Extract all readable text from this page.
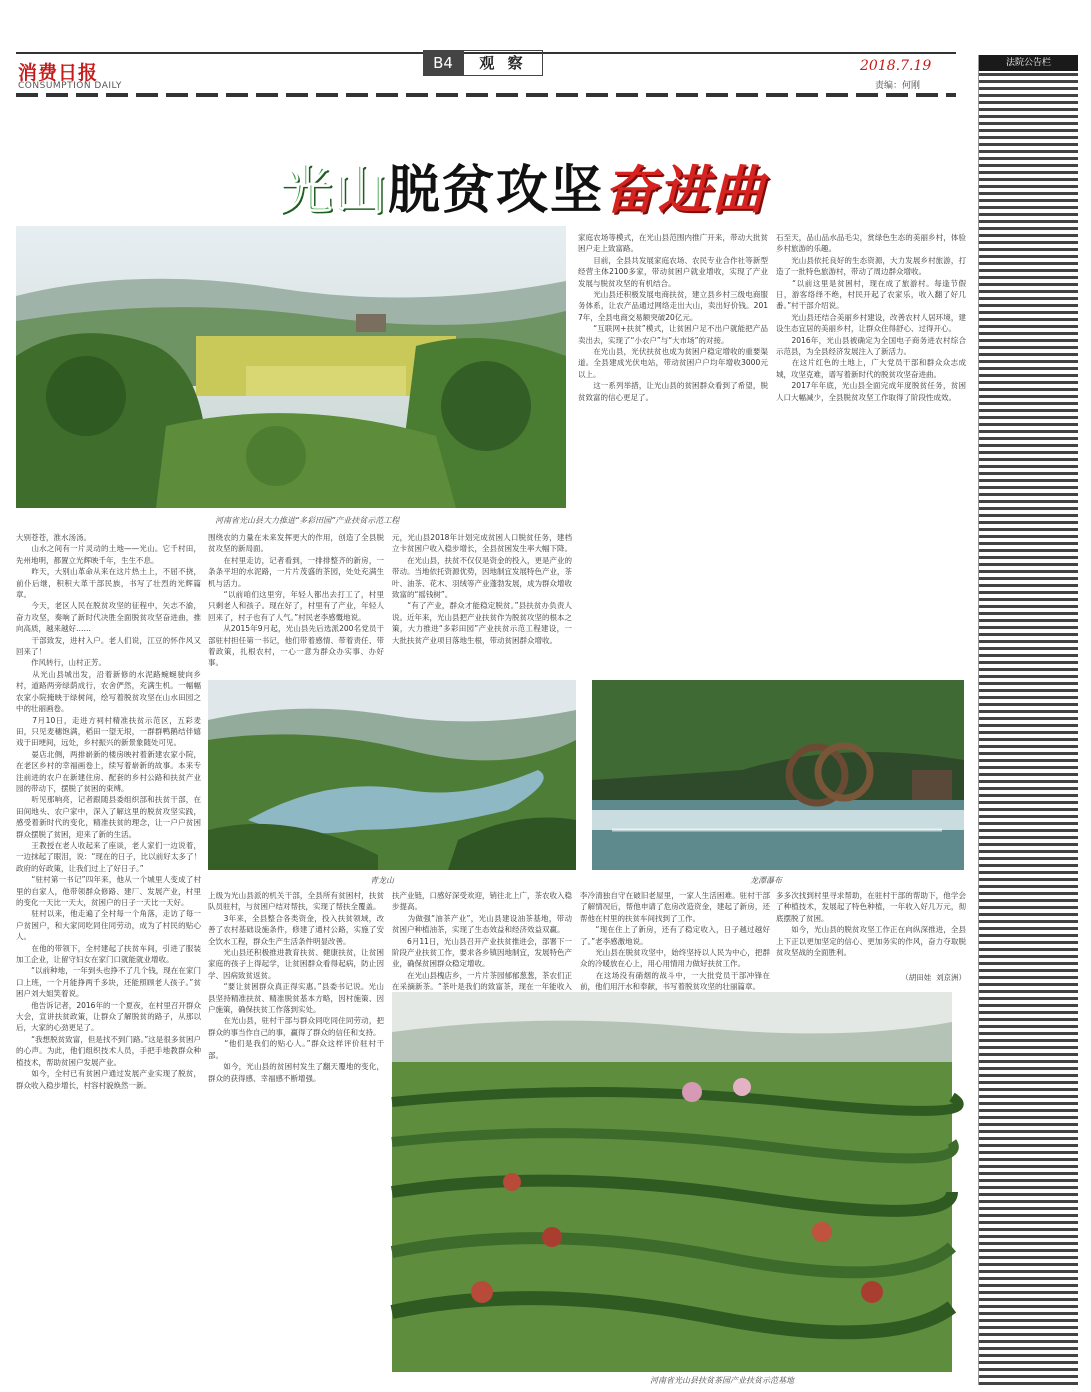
消费日报
CONSUMPTION DAILY
B4	观 察	2018.7.19
责编：何刚
光山脱贫攻坚奋进曲
河南省光山县大力推进“多彩田园”产业扶贫示范工程
大别苍苍，淮水汤汤。
　　山水之间有一片灵动的土地——光山。它千村田，先州地明，都置立光辉映千年，生生不息。
　　昨天，大别山革命从来在这片热土上，不屈不挠，前仆后继，积积大革干部民族，书写了壮烈的光辉篇章。
　　今天，老区人民在脱贫攻坚的征程中，矢志不渝，奋力攻坚，奏响了新时代决胜全面脱贫攻坚奋进曲，推向高质，越来越好……
　　干部致发，进村入户。老人们说，江豆的怀作风又回来了！
　　作风转行，山村正芳。
　　从光山县城出发，沿着新修的水泥路蜿蜒驶向乡村，道路两旁绿荫成行，农舍俨然，充满生机。一幅幅农家小院掩映于绿树间，绘写着脱贫攻坚在山水田园之中的壮丽画卷。
　　7月10日，走进方祠村精准扶贫示范区，五彩麦田，只见麦穗饱满，稻田一望无垠，一群群鸭鹅结伴嬉戏于田埂间，远处，乡村振兴的新景象随处可见。
　　晏店北侧，两排崭新的楼房映衬着新建农家小院，在老区乡村的幸福画卷上，续写着崭新的故事。本来专注前进的农户在新建住房、配套的乡村公路和扶贫产业园的带动下，摆脱了贫困的束缚。
　　听见那响亮，记者跟随县委组织部和扶贫干部，在田间地头、农户家中，深入了解这里的脱贫攻坚实践，感受着新时代的变化，精准扶贫的理念，让一户户贫困群众摆脱了贫困，迎来了新的生活。
　　王教授在老人收起来了座谈，老人家们一边说着，一边抹起了眼泪，说：“现在的日子，比以前好太多了！政府的好政策，让我们过上了好日子。”
　　“驻村第一书记”四年来，他从一个城里人变成了村里的自家人，他带领群众修路、建厂、发展产业，村里的变化一天比一天大，贫困户的日子一天比一天好。
　　驻村以来，他走遍了全村每一个角落，走访了每一户贫困户，和大家同吃同住同劳动，成为了村民的贴心人。
　　在他的带领下，全村建起了扶贫车间，引进了服装加工企业，让留守妇女在家门口就能就业增收。
　　“以前种地，一年到头也挣不了几个钱，现在在家门口上班，一个月能挣两千多块，还能照顾老人孩子。”贫困户刘大姐笑着说。
　　他告诉记者，2016年的一个夏夜，在村里召开群众大会，宣讲扶贫政策，让群众了解脱贫的路子，从那以后，大家的心劲更足了。
　　“我想脱贫致富，但是找不到门路。”这是很多贫困户的心声。为此，他们组织技术人员，手把手地教群众种植技术，帮助贫困户发展产业。
　　如今，全村已有贫困户通过发展产业实现了脱贫，群众收入稳步增长，村容村貌焕然一新。
围绕农的力量在未来发挥更大的作用，创造了全县脱贫攻坚的新局面。
　　在村里走访，记者看到，一排排整齐的新房，一条条平坦的水泥路，一片片茂盛的茶园，处处充满生机与活力。
　　“以前咱们这里穷，年轻人都出去打工了，村里只剩老人和孩子。现在好了，村里有了产业，年轻人回来了，村子也有了人气。”村民老李感慨地说。
　　从2015年9月起，光山县先后选派200名党员干部驻村担任第一书记，他们带着感情、带着责任、带着政策，扎根农村，一心一意为群众办实事、办好事。
元，光山县2018年计划完成贫困人口脱贫任务，建档立卡贫困户收入稳步增长，全县贫困发生率大幅下降。
　　在光山县，扶贫不仅仅是资金的投入，更是产业的带动。当地依托资源优势，因地制宜发展特色产业，茶叶、油茶、花木、羽绒等产业蓬勃发展，成为群众增收致富的“摇钱树”。
　　“有了产业，群众才能稳定脱贫。”县扶贫办负责人说。近年来，光山县把产业扶贫作为脱贫攻坚的根本之策，大力推进“多彩田园”产业扶贫示范工程建设，一大批扶贫产业项目落地生根，带动贫困群众增收。
家庭农场等模式，在光山县范围内推广开来，带动大批贫困户走上致富路。
　　目前，全县共发展家庭农场、农民专业合作社等新型经营主体2100多家，带动贫困户就业增收，实现了产业发展与脱贫攻坚的有机结合。
　　光山县还积极发展电商扶贫，建立县乡村三级电商服务体系，让农产品通过网络走出大山，卖出好价钱。2017年，全县电商交易额突破20亿元。
　　“互联网+扶贫”模式，让贫困户足不出户就能把产品卖出去，实现了“小农户”与“大市场”的对接。
　　在光山县，光伏扶贫也成为贫困户稳定增收的重要渠道。全县建成光伏电站，带动贫困户户均年增收3000元以上。
　　这一系列举措，让光山县的贫困群众看到了希望，脱贫致富的信心更足了。
石至天，品山品水品毛尖，赏绿色生态的美丽乡村，体验乡村旅游的乐趣。
　　光山县依托良好的生态资源，大力发展乡村旅游，打造了一批特色旅游村，带动了周边群众增收。
　　“以前这里是贫困村，现在成了旅游村。每逢节假日，游客络绎不绝，村民开起了农家乐，收入翻了好几番。”村干部介绍说。
　　光山县还结合美丽乡村建设，改善农村人居环境，建设生态宜居的美丽乡村，让群众住得舒心、过得开心。
　　2016年，光山县被确定为全国电子商务进农村综合示范县，为全县经济发展注入了新活力。
　　在这片红色的土地上，广大党员干部和群众众志成城，攻坚克难，谱写着新时代的脱贫攻坚奋进曲。
　　2017年年底，光山县全面完成年度脱贫任务，贫困人口大幅减少，全县脱贫攻坚工作取得了阶段性成效。
青龙山	龙潭瀑布
上级为光山县派的机关干部，全县所有贫困村，扶贫队员驻村，与贫困户结对帮扶，实现了帮扶全覆盖。
　　3年来，全县整合各类资金，投入扶贫领域，改善了农村基础设施条件，修建了通村公路，实施了安全饮水工程，群众生产生活条件明显改善。
　　光山县还积极推进教育扶贫、健康扶贫，让贫困家庭的孩子上得起学，让贫困群众看得起病，防止因学、因病致贫返贫。
　　“要让贫困群众真正得实惠。”县委书记说。光山县坚持精准扶贫、精准脱贫基本方略，因村施策、因户施策，确保扶贫工作落到实处。
　　在光山县，驻村干部与群众同吃同住同劳动，把群众的事当作自己的事，赢得了群众的信任和支持。
　　“他们是我们的贴心人。”群众这样评价驻村干部。
　　如今，光山县的贫困村发生了翻天覆地的变化，群众的获得感、幸福感不断增强。
扶产业链，口感好深受欢迎，销往北上广，茶农收入稳步提高。
　　为做强“油茶产业”，光山县建设油茶基地，带动贫困户种植油茶，实现了生态效益和经济效益双赢。
　　6月11日，光山县召开产业扶贫推进会，部署下一阶段产业扶贫工作，要求各乡镇因地制宜，发展特色产业，确保贫困群众稳定增收。
　　在光山县槐店乡，一片片茶园郁郁葱葱，茶农们正在采摘新茶。“茶叶是我们的致富茶，现在一年能收入

李冷清独自守在破旧老屋里，一家人生活困难。驻村干部了解情况后，帮他申请了危房改造资金，建起了新房，还帮他在村里的扶贫车间找到了工作。
　　“现在住上了新房，还有了稳定收入，日子越过越好了。”老李感激地说。
　　光山县在脱贫攻坚中，始终坚持以人民为中心，把群众的冷暖放在心上，用心用情用力做好扶贫工作。
　　在这场没有硝烟的战斗中，一大批党员干部冲锋在前，他们用汗水和奉献，书写着脱贫攻坚的壮丽篇章。
多多次找到村里寻求帮助，在驻村干部的帮助下，他学会了种植技术，发展起了特色种植，一年收入好几万元，彻底摆脱了贫困。
　　如今，光山县的脱贫攻坚工作正在向纵深推进，全县上下正以更加坚定的信心、更加务实的作风，奋力夺取脱贫攻坚战的全面胜利。
（胡田娃  刘京洲）
河南省光山县扶贫茶园产业扶贫示范基地
法院公告栏
